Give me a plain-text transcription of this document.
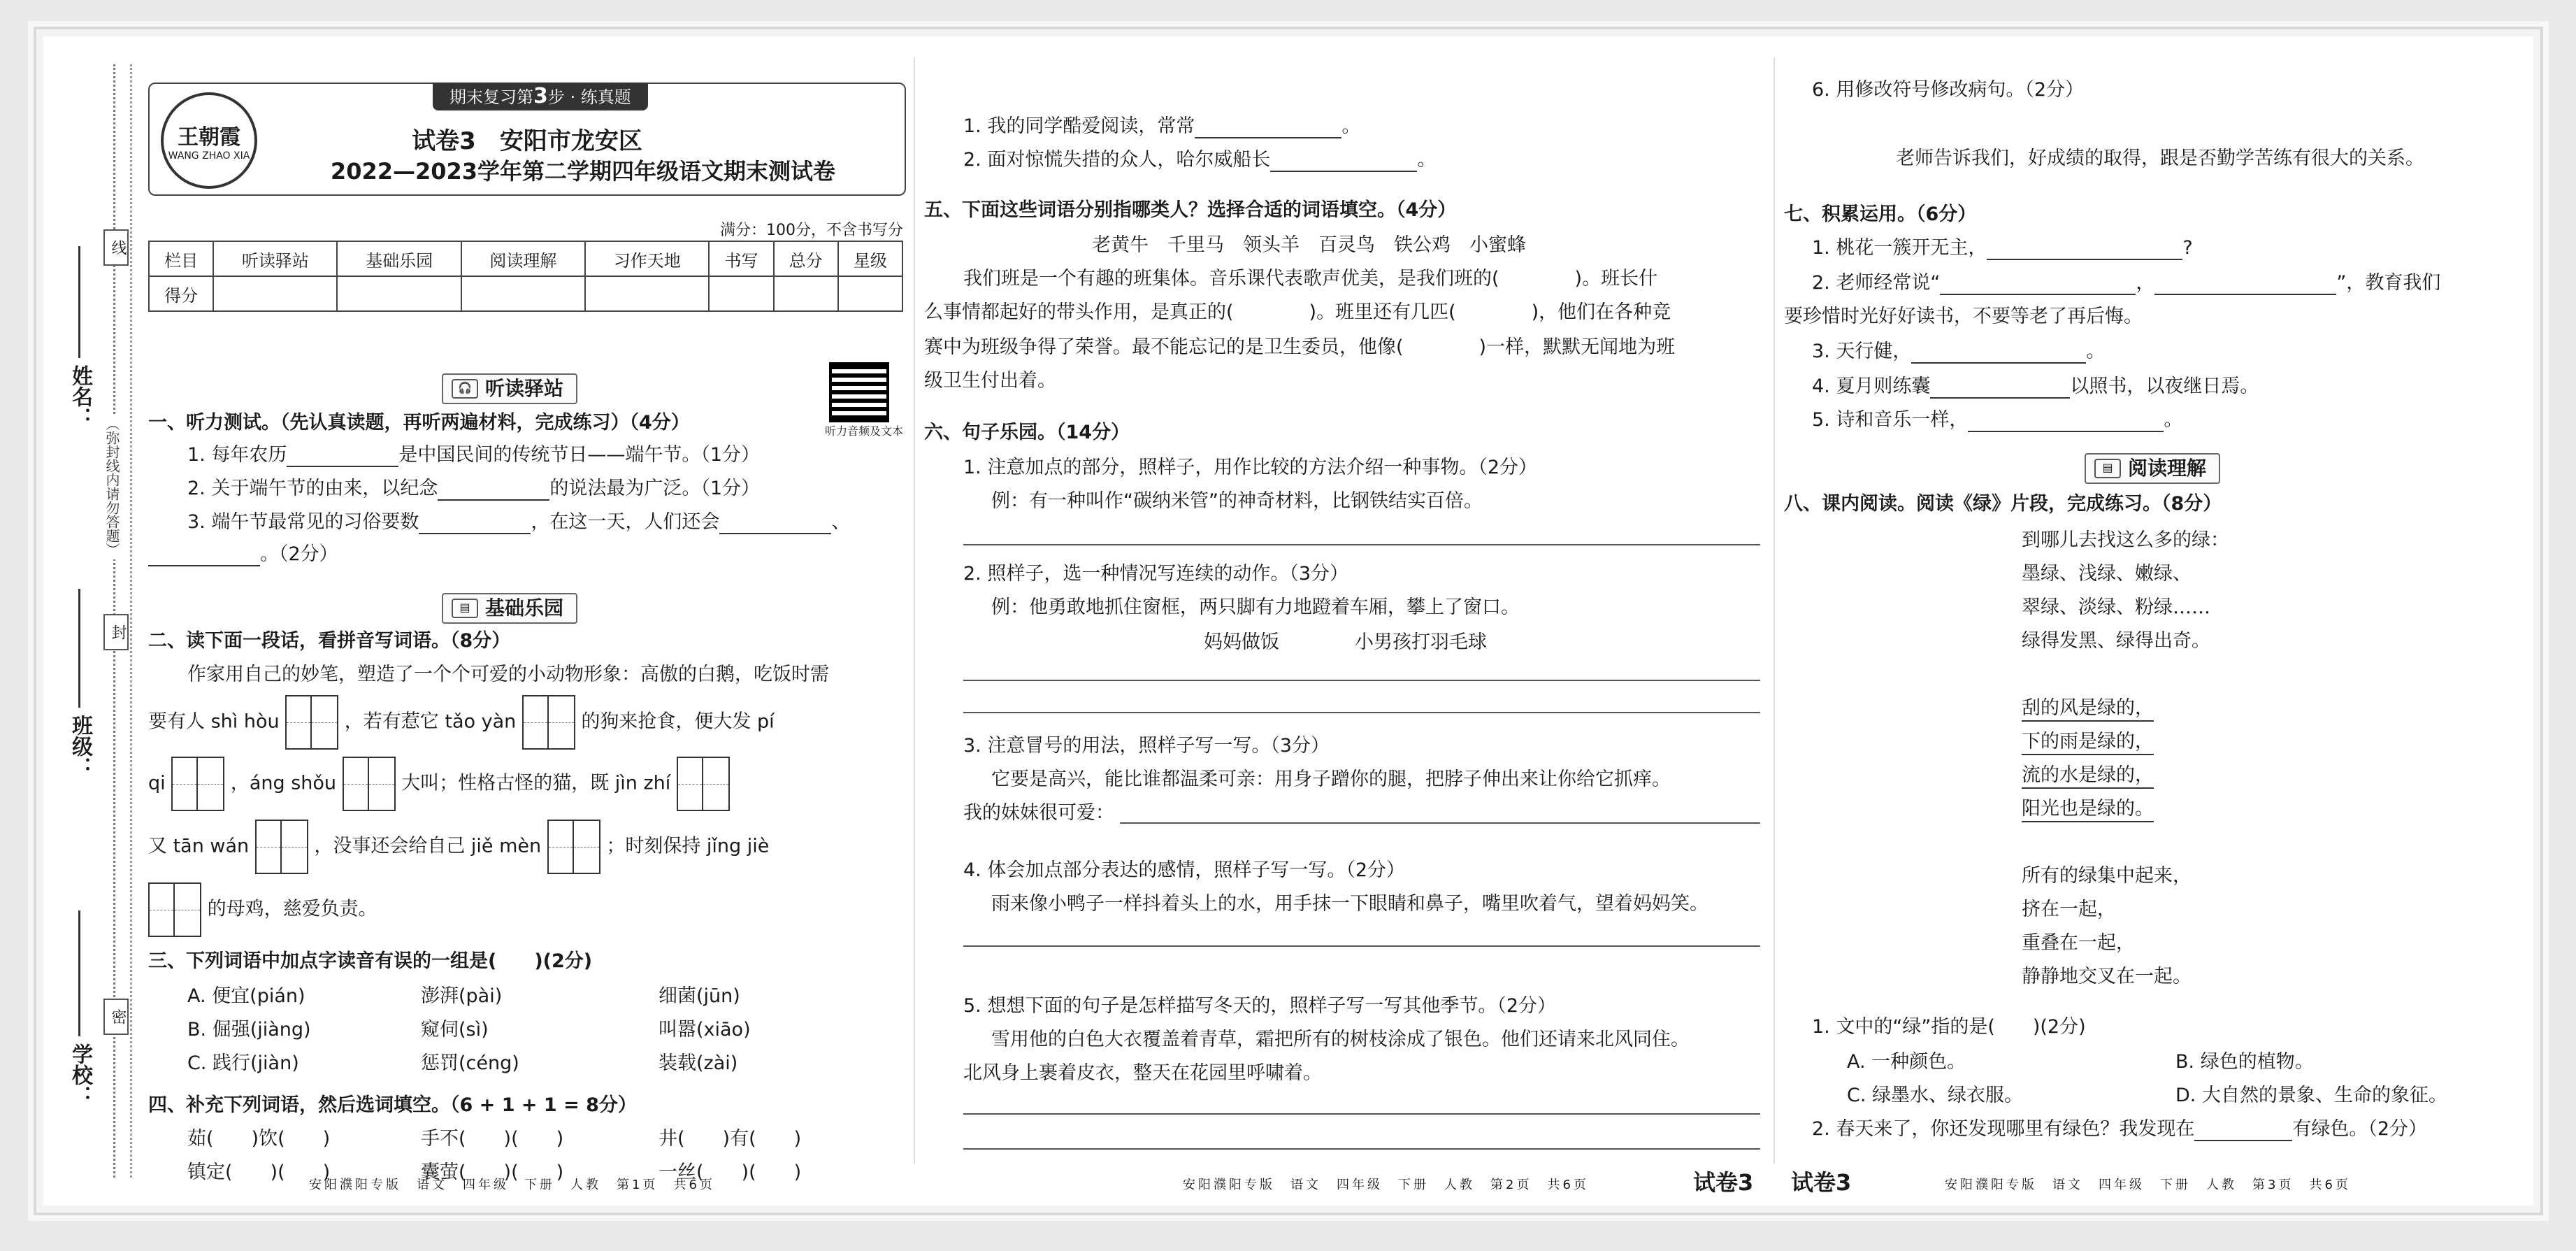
姓名：
班级：
学校：
线
封
密
（弥封线内请勿答题）
王朝霞
WANG ZHAO XIA
期末复习第3步 · 练真题
试卷3　安阳市龙安区
2022—2023学年第二学期四年级语文期末测试卷
满分：100分，不含书写分
栏目	听读驿站	基础乐园	阅读理解	习作天地	书写	总分	星级
得分							
🎧 听读驿站
听力音频及文本
一、听力测试。（先认真读题，再听两遍材料，完成练习）（4分）
1. 每年农历	是中国民间的传统节日——端午节。（1分）
2. 关于端午节的由来，以纪念	的说法最为广泛。（1分）
3. 端午节最常见的习俗要数	，在这一天，人们还会	、
。（2分）
▤ 基础乐园
二、读下面一段话，看拼音写词语。（8分）
作家用自己的妙笔，塑造了一个个可爱的小动物形象：高傲的白鹅，吃饭时需
要有人 shì hòu	，若有惹它 tǎo yàn	的狗来抢食，便大发 pí
qi	，áng shǒu	大叫；性格古怪的猫，既 jìn zhí
又 tān wán	，没事还会给自己 jiě mèn	；时刻保持 jǐng jiè
的母鸡，慈爱负责。
三、下列词语中加点字读音有误的一组是(　　)(2分)
A. 便宜(pián)	澎湃(pài)	细菌(jūn)
B. 倔强(jiàng)	窥伺(sì)	叫嚣(xiāo)
C. 践行(jiàn)	惩罚(céng)	装载(zài)
四、补充下列词语，然后选词填空。（6 + 1 + 1 = 8分）
茹(　　)饮(　　)	手不(　　)(　　)	井(　　)有(　　)
镇定(　　)(　　)	囊萤(　　)(　　)	一丝(　　)(　　)
安阳濮阳专版　语文　四年级　下册　人教　第1页　共6页
1. 我的同学酷爱阅读，常常	。
2. 面对惊慌失措的众人，哈尔威船长	。
五、下面这些词语分别指哪类人？选择合适的词语填空。（4分）
老黄牛　千里马　领头羊　百灵鸟　铁公鸡　小蜜蜂
我们班是一个有趣的班集体。音乐课代表歌声优美，是我们班的(　　　　)。班长什
么事情都起好的带头作用，是真正的(　　　　)。班里还有几匹(　　　　)，他们在各种竞
赛中为班级争得了荣誉。最不能忘记的是卫生委员，他像(　　　　)一样，默默无闻地为班
级卫生付出着。
六、句子乐园。（14分）
1. 注意加点的部分，照样子，用作比较的方法介绍一种事物。（2分）
例：有一种叫作“碳纳米管”的神奇材料，比钢铁结实百倍。
2. 照样子，选一种情况写连续的动作。（3分）
例：他勇敢地抓住窗框，两只脚有力地蹬着车厢，攀上了窗口。
妈妈做饭　　　　小男孩打羽毛球
3. 注意冒号的用法，照样子写一写。（3分）
它要是高兴，能比谁都温柔可亲：用身子蹭你的腿，把脖子伸出来让你给它抓痒。
我的妹妹很可爱：
4. 体会加点部分表达的感情，照样子写一写。（2分）
雨来像小鸭子一样抖着头上的水，用手抹一下眼睛和鼻子，嘴里吹着气，望着妈妈笑。
5. 想想下面的句子是怎样描写冬天的，照样子写一写其他季节。（2分）
雪用他的白色大衣覆盖着青草，霜把所有的树枝涂成了银色。他们还请来北风同住。
北风身上裹着皮衣，整天在花园里呼啸着。
安阳濮阳专版　语文　四年级　下册　人教　第2页　共6页	试卷3
6. 用修改符号修改病句。（2分）
老师告诉我们，好成绩的取得，跟是否勤学苦练有很大的关系。
七、积累运用。（6分）
1. 桃花一簇开无主，	?
2. 老师经常说“	，	”，教育我们
要珍惜时光好好读书，不要等老了再后悔。
3. 天行健，	。
4. 夏月则练囊	以照书，以夜继日焉。
5. 诗和音乐一样，	。
▤ 阅读理解
八、课内阅读。阅读《绿》片段，完成练习。（8分）
到哪儿去找这么多的绿：
墨绿、浅绿、嫩绿、
翠绿、淡绿、粉绿……
绿得发黑、绿得出奇。
刮的风是绿的，
下的雨是绿的，
流的水是绿的，
阳光也是绿的。
所有的绿集中起来，
挤在一起，
重叠在一起，
静静地交叉在一起。
1. 文中的“绿”指的是(　　)(2分)
A. 一种颜色。	B. 绿色的植物。
C. 绿墨水、绿衣服。	D. 大自然的景象、生命的象征。
2. 春天来了，你还发现哪里有绿色？我发现在	有绿色。（2分）
试卷3	安阳濮阳专版　语文　四年级　下册　人教　第3页　共6页
